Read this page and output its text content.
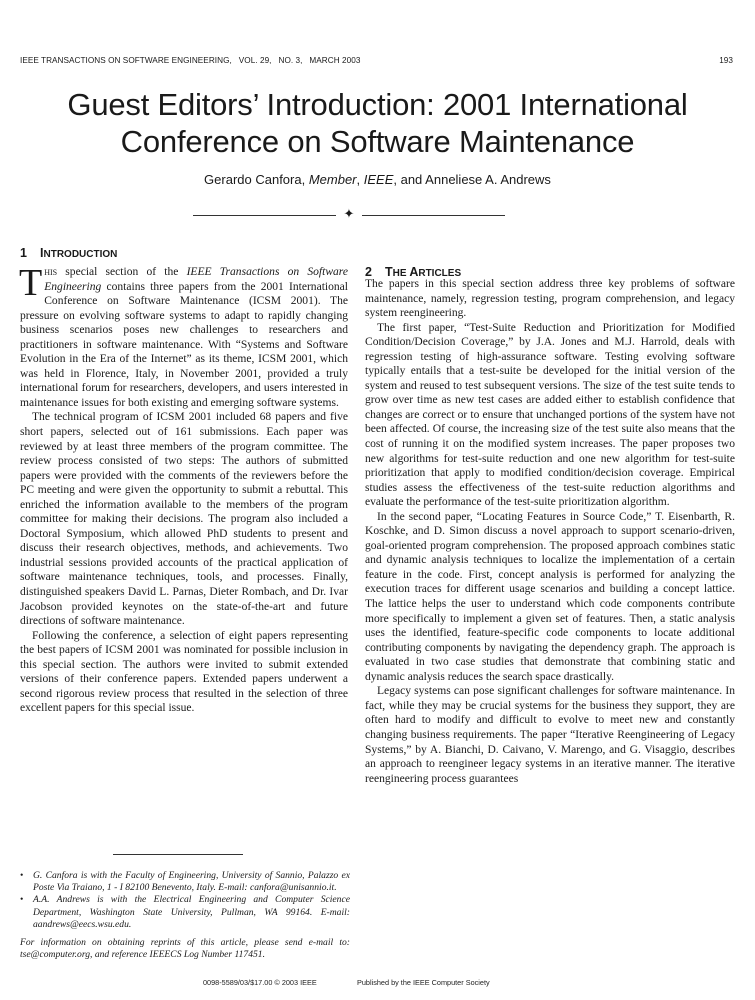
IEEE TRANSACTIONS ON SOFTWARE ENGINEERING,   VOL. 29,   NO. 3,   MARCH 2003	193
Guest Editors’ Introduction: 2001 International
Conference on Software Maintenance
Gerardo Canfora, Member, IEEE, and Anneliese A. Andrews
✦
1 INTRODUCTION

This special section of the IEEE Transactions on Software Engineering contains three papers from the 2001 International Conference on Software Maintenance (ICSM 2001). The pressure on evolving software systems to adapt to rapidly changing business scenarios poses new challenges to researchers and practitioners in software maintenance. With “Systems and Software Evolution in the Era of the Internet” as its theme, ICSM 2001, which was held in Florence, Italy, in November 2001, provided a truly international forum for researchers, developers, and users interested in maintenance issues for both existing and emerging software systems.

The technical program of ICSM 2001 included 68 papers and five short papers, selected out of 161 submissions. Each paper was reviewed by at least three members of the program committee. The review process consisted of two steps: The authors of submitted papers were provided with the comments of the reviewers before the PC meeting and were given the opportunity to submit a rebuttal. This enriched the information available to the members of the program committee for making their decisions. The program also included a Doctoral Symposium, which allowed PhD students to present and discuss their research objectives, methods, and achievements. Two industrial sessions provided accounts of the practical application of software maintenance techniques, tools, and processes. Finally, distinguished speakers David L. Parnas, Dieter Rombach, and Dr. Ivar Jacobson provided keynotes on the state-of-the-art and future directions of software maintenance.

Following the conference, a selection of eight papers representing the best papers of ICSM 2001 was nominated for possible inclusion in this special section. The authors were invited to submit extended versions of their conference papers. Extended papers underwent a second rigorous review process that resulted in the selection of three excellent papers for this special issue.

2 THE ARTICLES

The papers in this special section address three key problems of software maintenance, namely, regression testing, program comprehension, and legacy system reengineering.

The first paper, “Test-Suite Reduction and Prioritization for Modified Condition/Decision Coverage,” by J.A. Jones and M.J. Harrold, deals with regression testing of high-assurance software. Testing evolving software typically entails that a test-suite be developed for the initial version of the system and reused to test subsequent versions. The size of the test suite tends to grow over time as new test cases are added either to establish confidence that changes are correct or to ensure that unchanged portions of the system have not been affected. Of course, the increasing size of the test suite also means that the cost of running it on the modified system increases. The paper proposes two new algorithms for test-suite reduction and one new algorithm for test-suite prioritization that apply to modified condition/decision coverage. Empirical studies assess the effectiveness of the test-suite reduction algorithms and evaluate the performance of the test-suite prioritization algorithm.

In the second paper, “Locating Features in Source Code,” T. Eisenbarth, R. Koschke, and D. Simon discuss a novel approach to support scenario-driven, goal-oriented program comprehension. The proposed approach combines static and dynamic analysis techniques to localize the implementation of a certain feature in the code. First, concept analysis is performed for analyzing the execution traces for different usage scenarios and building a concept lattice. The lattice helps the user to understand which code components contribute more specifically to implement a given set of features. Then, a static analysis uses the identified, feature-specific code components to locate additional contributing components by navigating the dependency graph. The approach is evaluated in two case studies that demonstrate that combining static and dynamic analysis reduces the search space drastically.

Legacy systems can pose significant challenges for software maintenance. In fact, while they may be crucial systems for the business they support, they are often hard to modify and difficult to evolve to meet new and constantly changing business requirements. The paper “Iterative Reengineering of Legacy Systems,” by A. Bianchi, D. Caivano, V. Marengo, and G. Visaggio, describes an approach to reengineer legacy systems in an iterative manner. The iterative reengineering process guarantees

• G. Canfora is with the Faculty of Engineering, University of Sannio, Palazzo ex Poste Via Traiano, 1 - I 82100 Benevento, Italy. E-mail: canfora@unisannio.it.
• A.A. Andrews is with the Electrical Engineering and Computer Science Department, Washington State University, Pullman, WA 99164. E-mail: aandrews@eecs.wsu.edu.
For information on obtaining reprints of this article, please send e-mail to: tse@computer.org, and reference IEEECS Log Number 117451.
0098-5589/03/$17.00 © 2003 IEEE	Published by the IEEE Computer Society
